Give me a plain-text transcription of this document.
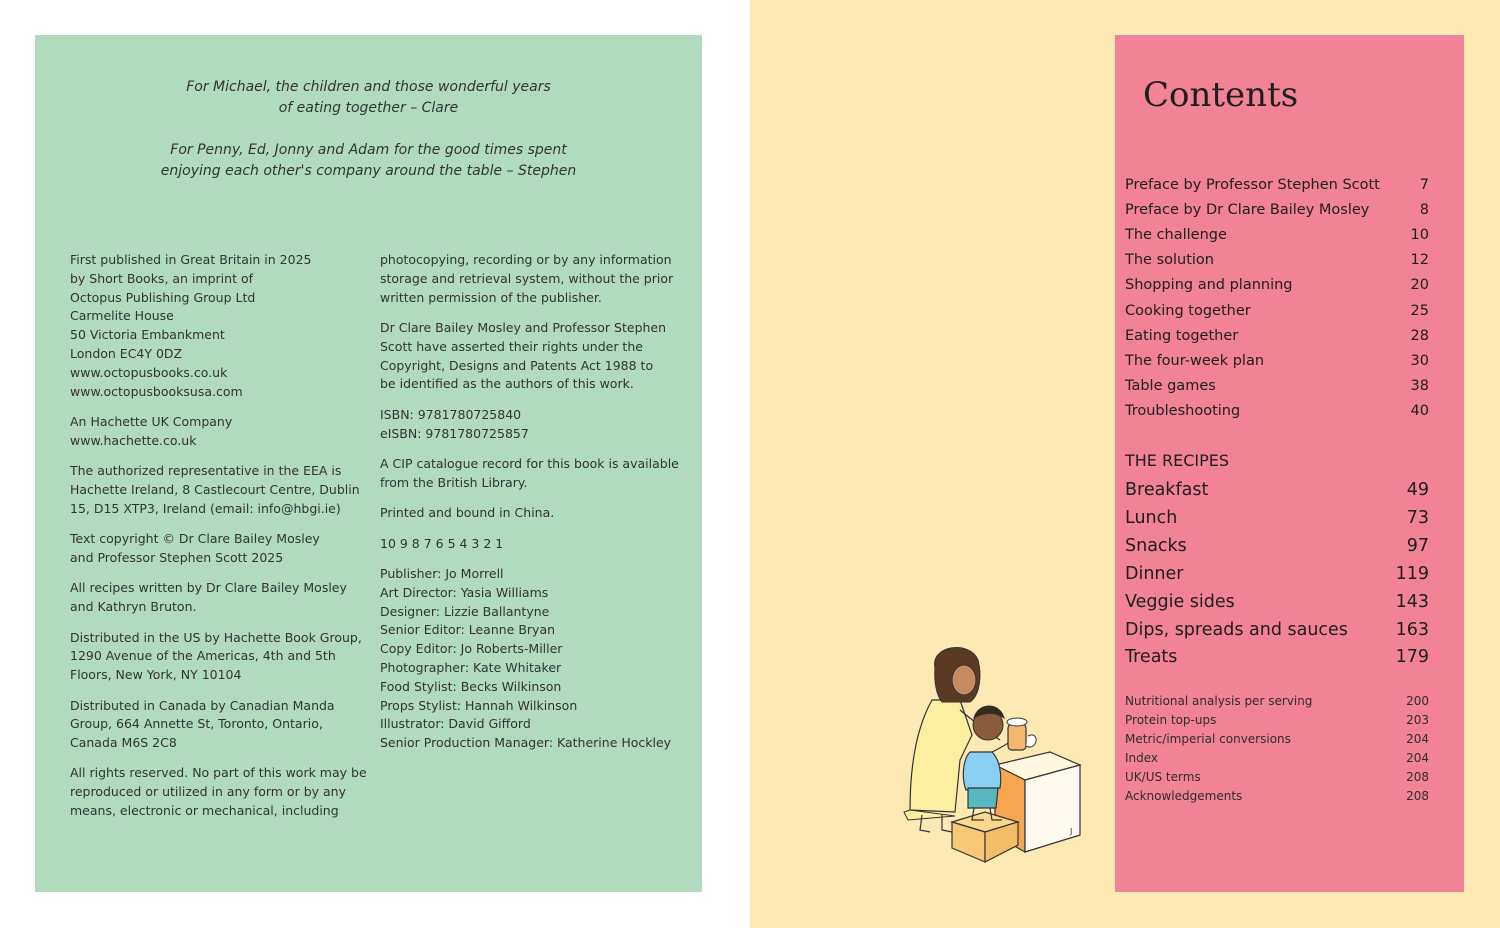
For Michael, the children and those wonderful years
of eating together – Clare
For Penny, Ed, Jonny and Adam for the good times spent
enjoying each other's company around the table – Stephen
First published in Great Britain in 2025
by Short Books, an imprint of
Octopus Publishing Group Ltd
Carmelite House
50 Victoria Embankment
London EC4Y 0DZ
www.octopusbooks.co.uk
www.octopusbooksusa.com
An Hachette UK Company
www.hachette.co.uk
The authorized representative in the EEA is
Hachette Ireland, 8 Castlecourt Centre, Dublin
15, D15 XTP3, Ireland (email: info@hbgi.ie)
Text copyright © Dr Clare Bailey Mosley
and Professor Stephen Scott 2025
All recipes written by Dr Clare Bailey Mosley
and Kathryn Bruton.
Distributed in the US by Hachette Book Group,
1290 Avenue of the Americas, 4th and 5th
Floors, New York, NY 10104
Distributed in Canada by Canadian Manda
Group, 664 Annette St, Toronto, Ontario,
Canada M6S 2C8
All rights reserved. No part of this work may be
reproduced or utilized in any form or by any
means, electronic or mechanical, including
photocopying, recording or by any information
storage and retrieval system, without the prior
written permission of the publisher.
Dr Clare Bailey Mosley and Professor Stephen
Scott have asserted their rights under the
Copyright, Designs and Patents Act 1988 to
be identified as the authors of this work.
ISBN: 9781780725840
eISBN: 9781780725857
A CIP catalogue record for this book is available
from the British Library.
Printed and bound in China.
10 9 8 7 6 5 4 3 2 1
Publisher: Jo Morrell
Art Director: Yasia Williams
Designer: Lizzie Ballantyne
Senior Editor: Leanne Bryan
Copy Editor: Jo Roberts-Miller
Photographer: Kate Whitaker
Food Stylist: Becks Wilkinson
Props Stylist: Hannah Wilkinson
Illustrator: David Gifford
Senior Production Manager: Katherine Hockley
J
Contents
Preface by Professor Stephen Scott	7
Preface by Dr Clare Bailey Mosley	8
The challenge	10
The solution	12
Shopping and planning	20
Cooking together	25
Eating together	28
The four-week plan	30
Table games	38
Troubleshooting	40
THE RECIPES
Breakfast	49
Lunch	73
Snacks	97
Dinner	119
Veggie sides	143
Dips, spreads and sauces	163
Treats	179
Nutritional analysis per serving	200
Protein top-ups	203
Metric/imperial conversions	204
Index	204
UK/US terms	208
Acknowledgements	208
